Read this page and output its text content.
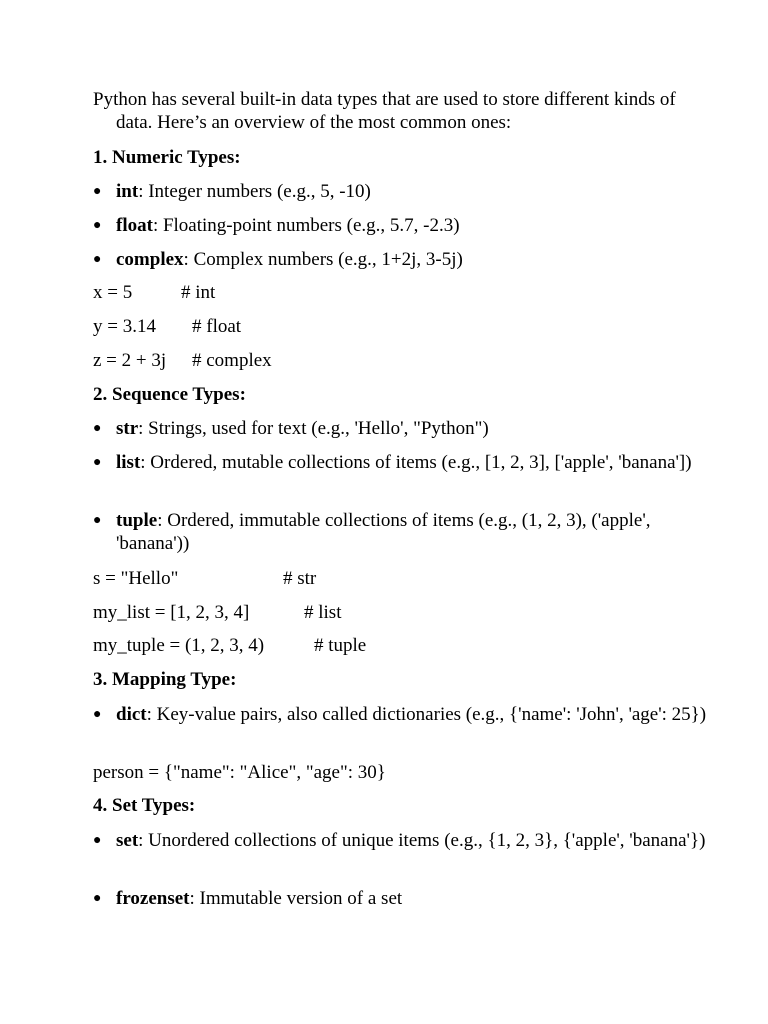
Python has several built-in data types that are used to store different kinds of
data. Here’s an overview of the most common ones:

1. Numeric Types:

● int: Integer numbers (e.g., 5, -10)
● float: Floating-point numbers (e.g., 5.7, -2.3)
● complex: Complex numbers (e.g., 1+2j, 3-5j)
x = 5	# int
y = 3.14 # float
z = 2 + 3j # complex

2. Sequence Types:

● str: Strings, used for text (e.g., 'Hello', "Python")
● list: Ordered, mutable collections of items (e.g., [1, 2, 3], ['apple', 'banana'])
● tuple: Ordered, immutable collections of items (e.g., (1, 2, 3), ('apple', 'banana'))
s = "Hello"	# str
my_list = [1, 2, 3, 4]	# list
my_tuple = (1, 2, 3, 4)	# tuple

3. Mapping Type:

● dict: Key-value pairs, also called dictionaries (e.g., {'name': 'John', 'age': 25})
person = {"name": "Alice", "age": 30}

4. Set Types:

● set: Unordered collections of unique items (e.g., {1, 2, 3}, {'apple', 'banana'})
● frozenset: Immutable version of a set
